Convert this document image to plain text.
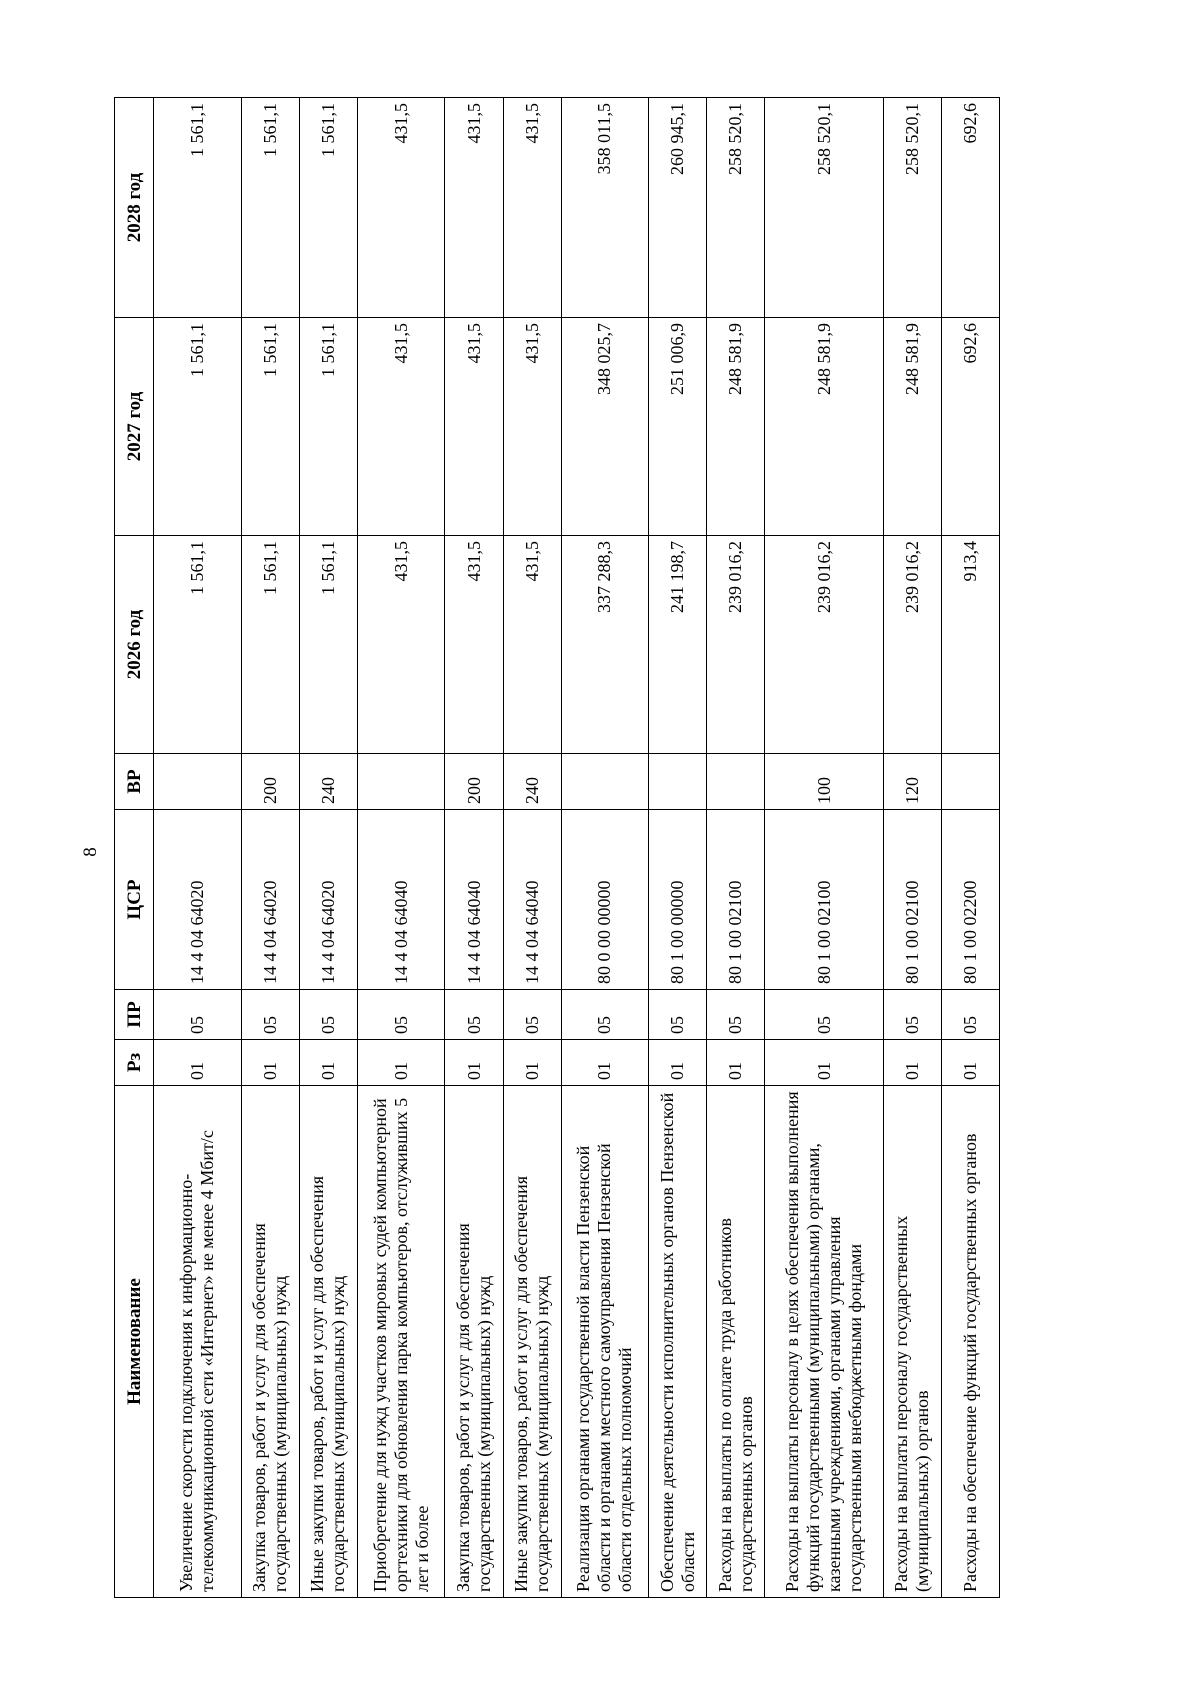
8
Наименование	Рз	ПР	ЦСР	ВР	2026 год	2027 год	2028 год
Увеличение скорости подключения к информационно-телекоммуникационной сети «Интернет» не менее 4 Мбит/с	01	05	14 4 04 64020		1 561,1	1 561,1	1 561,1
Закупка товаров, работ и услуг для обеспечения государственных (муниципальных) нужд	01	05	14 4 04 64020	200	1 561,1	1 561,1	1 561,1
Иные закупки товаров, работ и услуг для обеспечения государственных (муниципальных) нужд	01	05	14 4 04 64020	240	1 561,1	1 561,1	1 561,1
Приобретение для нужд участков мировых судей компьютерной оргтехники для обновления парка компьютеров, отслуживших 5 лет и более	01	05	14 4 04 64040		431,5	431,5	431,5
Закупка товаров, работ и услуг для обеспечения государственных (муниципальных) нужд	01	05	14 4 04 64040	200	431,5	431,5	431,5
Иные закупки товаров, работ и услуг для обеспечения государственных (муниципальных) нужд	01	05	14 4 04 64040	240	431,5	431,5	431,5
Реализация органами государственной власти Пензенской области и органами местного самоуправления Пензенской области отдельных полномочий	01	05	80 0 00 00000		337 288,3	348 025,7	358 011,5
Обеспечение деятельности исполнительных органов Пензенской области	01	05	80 1 00 00000		241 198,7	251 006,9	260 945,1
Расходы на выплаты по оплате труда работников государственных органов	01	05	80 1 00 02100		239 016,2	248 581,9	258 520,1
Расходы на выплаты персоналу в целях обеспечения выполнения функций государственными (муниципальными) органами, казенными учреждениями, органами управления государственными внебюджетными фондами	01	05	80 1 00 02100	100	239 016,2	248 581,9	258 520,1
Расходы на выплаты персоналу государственных (муниципальных) органов	01	05	80 1 00 02100	120	239 016,2	248 581,9	258 520,1
Расходы на обеспечение функций государственных органов	01	05	80 1 00 02200		913,4	692,6	692,6
